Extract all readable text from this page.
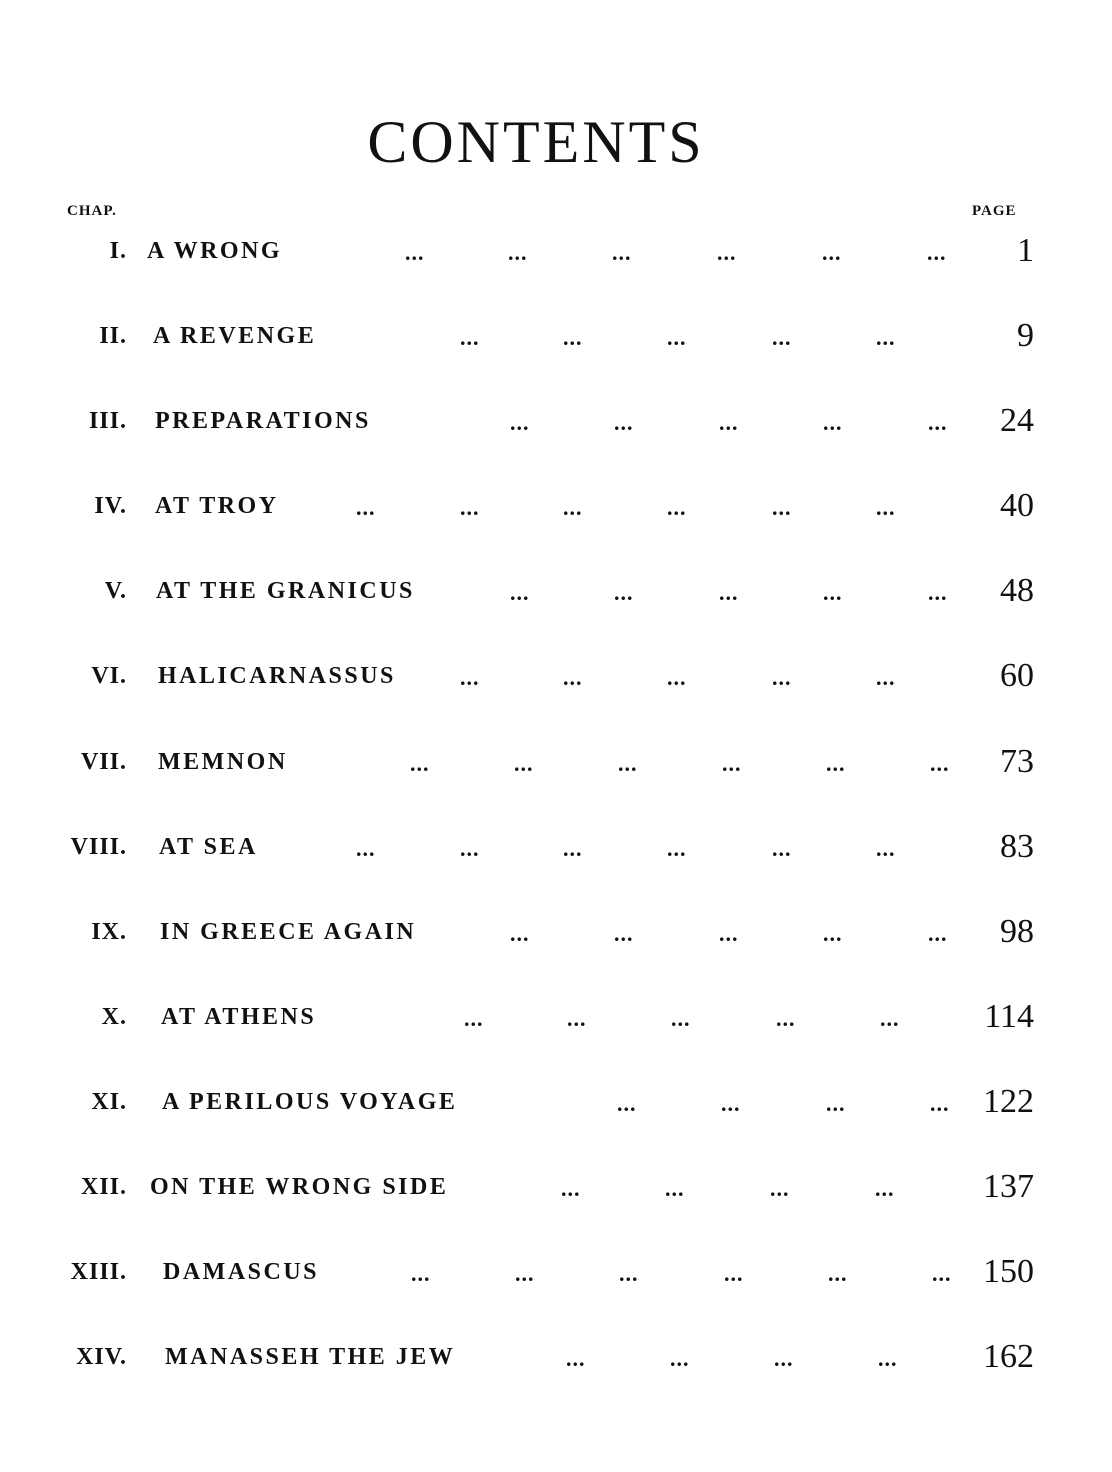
CONTENTS
CHAP.	PAGE
I. A WRONG	...	...	...	...	...	... 1
II. A REVENGE	...	...	...	...	...	9
III. PREPARATIONS	...	...	...	...	... 24
IV. AT TROY	...	...	...	...	...	...	40
V. AT THE GRANICUS	...	...	...	...	... 48
VI. HALICARNASSUS	...	...	...	...	...	60
VII. MEMNON	...	...	...	...	...	... 73
VIII. AT SEA	...	...	...	...	...	...	83
IX. IN GREECE AGAIN	...	...	...	...	... 98
X. AT ATHENS	...	...	...	...	... 114
XI. A PERILOUS VOYAGE	...	...	...	... 122
XII. ON THE WRONG SIDE	...	...	...	...	137
XIII. DAMASCUS	...	...	...	...	...	... 150
XIV. MANASSEH THE JEW	...	...	...	...	162
